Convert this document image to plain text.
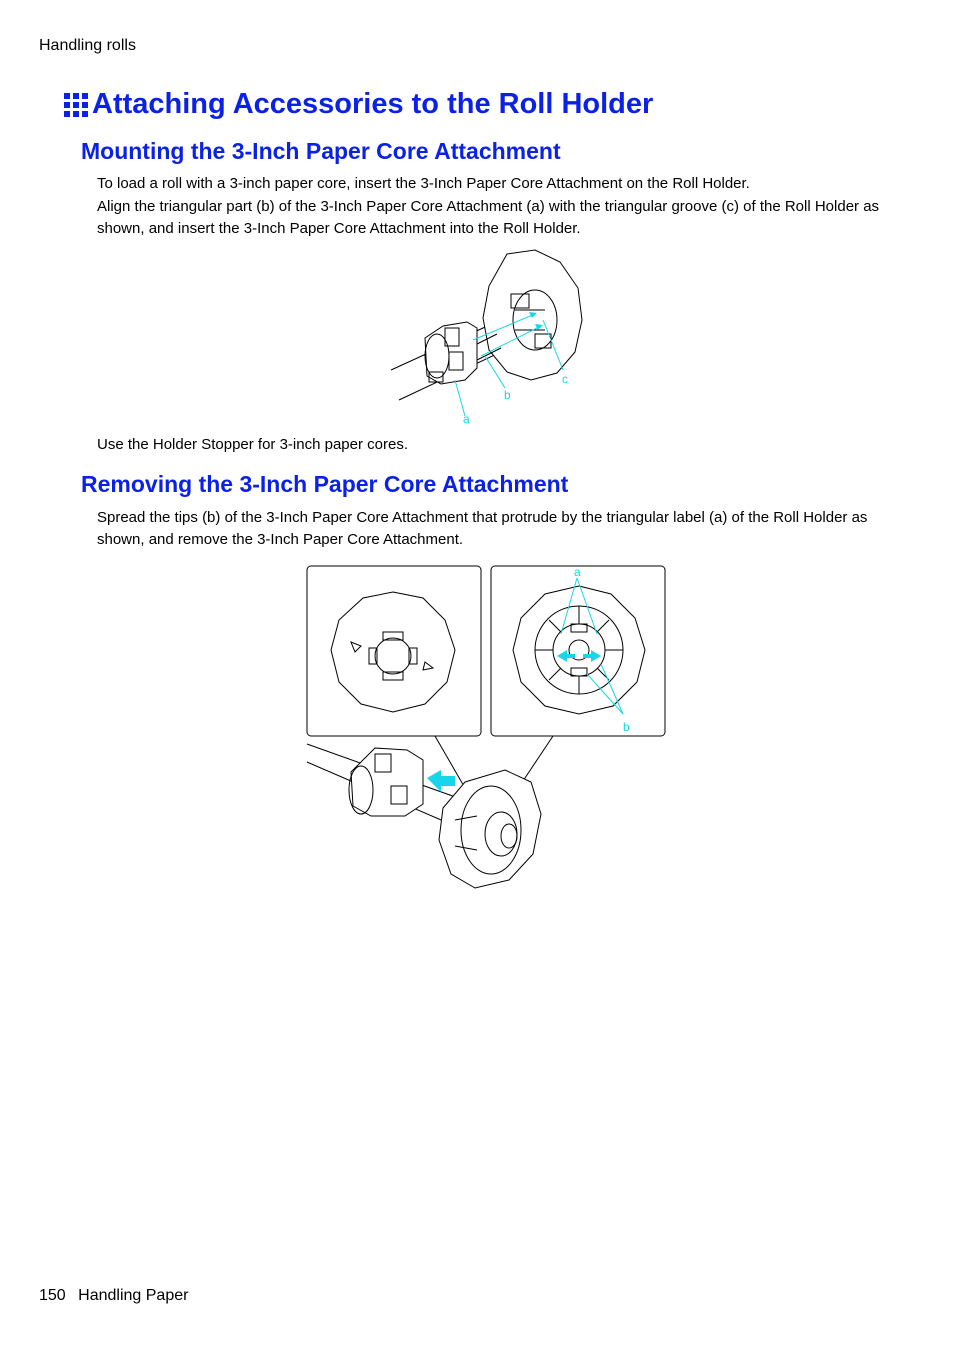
Handling rolls
Attaching Accessories to the Roll Holder
Mounting the 3-Inch Paper Core Attachment
To load a roll with a 3-inch paper core, insert the 3-Inch Paper Core Attachment on the Roll Holder.
Align the triangular part (b) of the 3-Inch Paper Core Attachment (a) with the triangular groove (c) of the Roll Holder as shown, and insert the 3-Inch Paper Core Attachment into the Roll Holder.
c
b
a
Use the Holder Stopper for 3-inch paper cores.
Removing the 3-Inch Paper Core Attachment
Spread the tips (b) of the 3-Inch Paper Core Attachment that protrude by the triangular label (a) of the Roll Holder as shown, and remove the 3-Inch Paper Core Attachment.
a
b
150 Handling Paper
